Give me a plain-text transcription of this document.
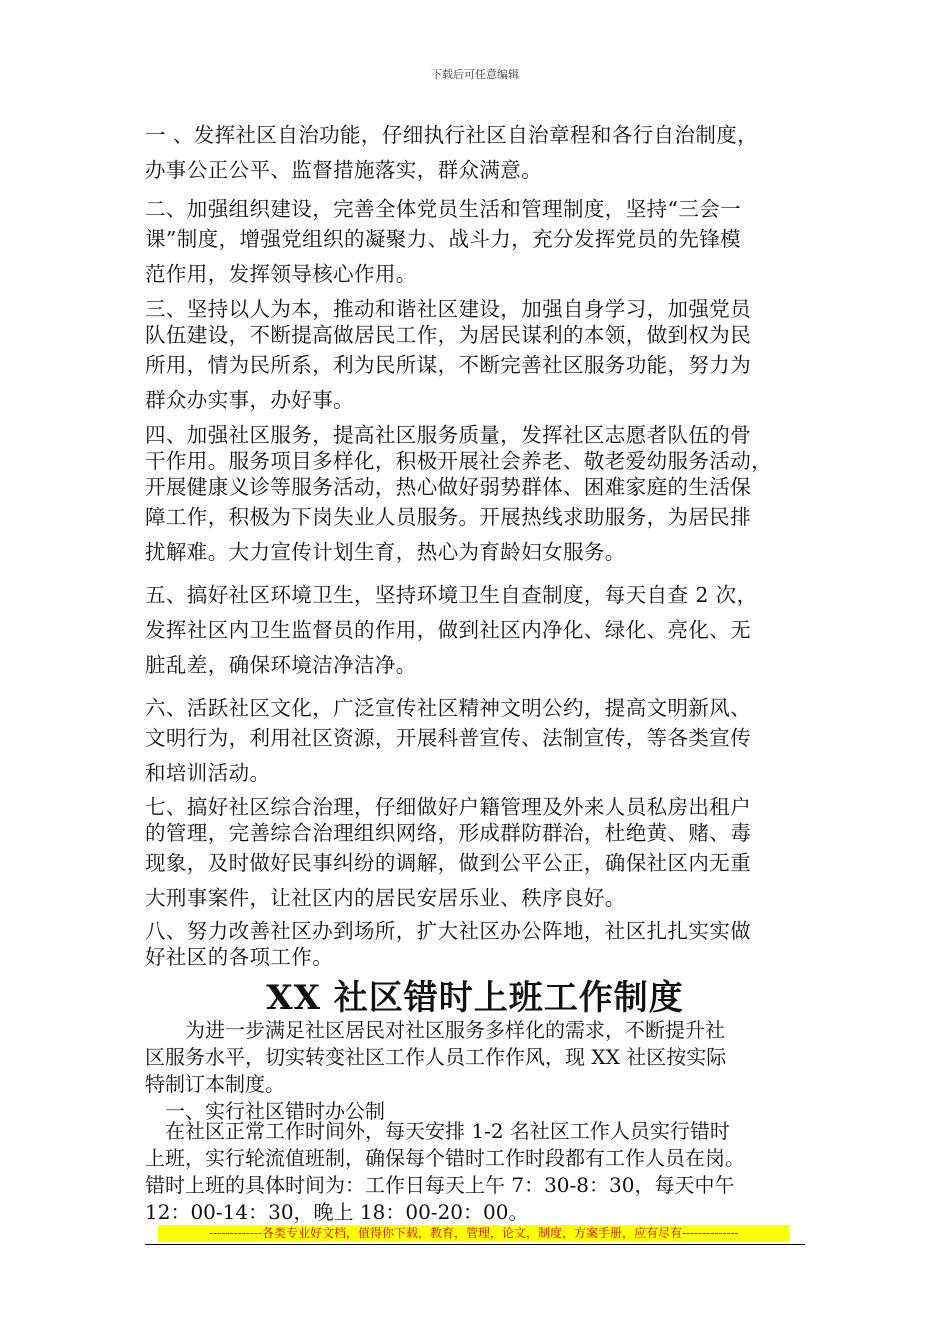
下载后可任意编辑
一 、发挥社区自治功能，仔细执行社区自治章程和各行自治制度，
办事公正公平、监督措施落实，群众满意。
二、加强组织建设，完善全体党员生活和管理制度，坚持“三会一
课”制度，增强党组织的凝聚力、战斗力，充分发挥党员的先锋模
范作用，发挥领导核心作用。
三、坚持以人为本，推动和谐社区建设，加强自身学习，加强党员
队伍建设，不断提高做居民工作，为居民谋利的本领，做到权为民
所用，情为民所系，利为民所谋，不断完善社区服务功能，努力为
群众办实事，办好事。
四、加强社区服务，提高社区服务质量，发挥社区志愿者队伍的骨
干作用。服务项目多样化，积极开展社会养老、敬老爱幼服务活动，
开展健康义诊等服务活动，热心做好弱势群体、困难家庭的生活保
障工作，积极为下岗失业人员服务。开展热线求助服务，为居民排
扰解难。大力宣传计划生育，热心为育龄妇女服务。
五、搞好社区环境卫生，坚持环境卫生自查制度，每天自查 2 次，
发挥社区内卫生监督员的作用，做到社区内净化、绿化、亮化、无
脏乱差，确保环境洁净洁净。
六、活跃社区文化，广泛宣传社区精神文明公约，提高文明新风、
文明行为，利用社区资源，开展科普宣传、法制宣传，等各类宣传
和培训活动。
七、搞好社区综合治理，仔细做好户籍管理及外来人员私房出租户
的管理，完善综合治理组织网络，形成群防群治，杜绝黄、赌、毒
现象，及时做好民事纠纷的调解，做到公平公正，确保社区内无重
大刑事案件，让社区内的居民安居乐业、秩序良好。
八、努力改善社区办到场所，扩大社区办公阵地，社区扎扎实实做
好社区的各项工作。
XX 社区错时上班工作制度
　　为进一步满足社区居民对社区服务多样化的需求，不断提升社
区服务水平，切实转变社区工作人员工作作风，现 XX 社区按实际
特制订本制度。
　一、实行社区错时办公制
　在社区正常工作时间外，每天安排 1-2 名社区工作人员实行错时
上班，实行轮流值班制，确保每个错时工作时段都有工作人员在岗。
错时上班的具体时间为：工作日每天上午 7：30-8：30，每天中午
12：00-14：30，晚上 18：00-20：00。
-------------各类专业好文档，值得你下载，教育，管理，论文，制度，方案手册，应有尽有--------------
